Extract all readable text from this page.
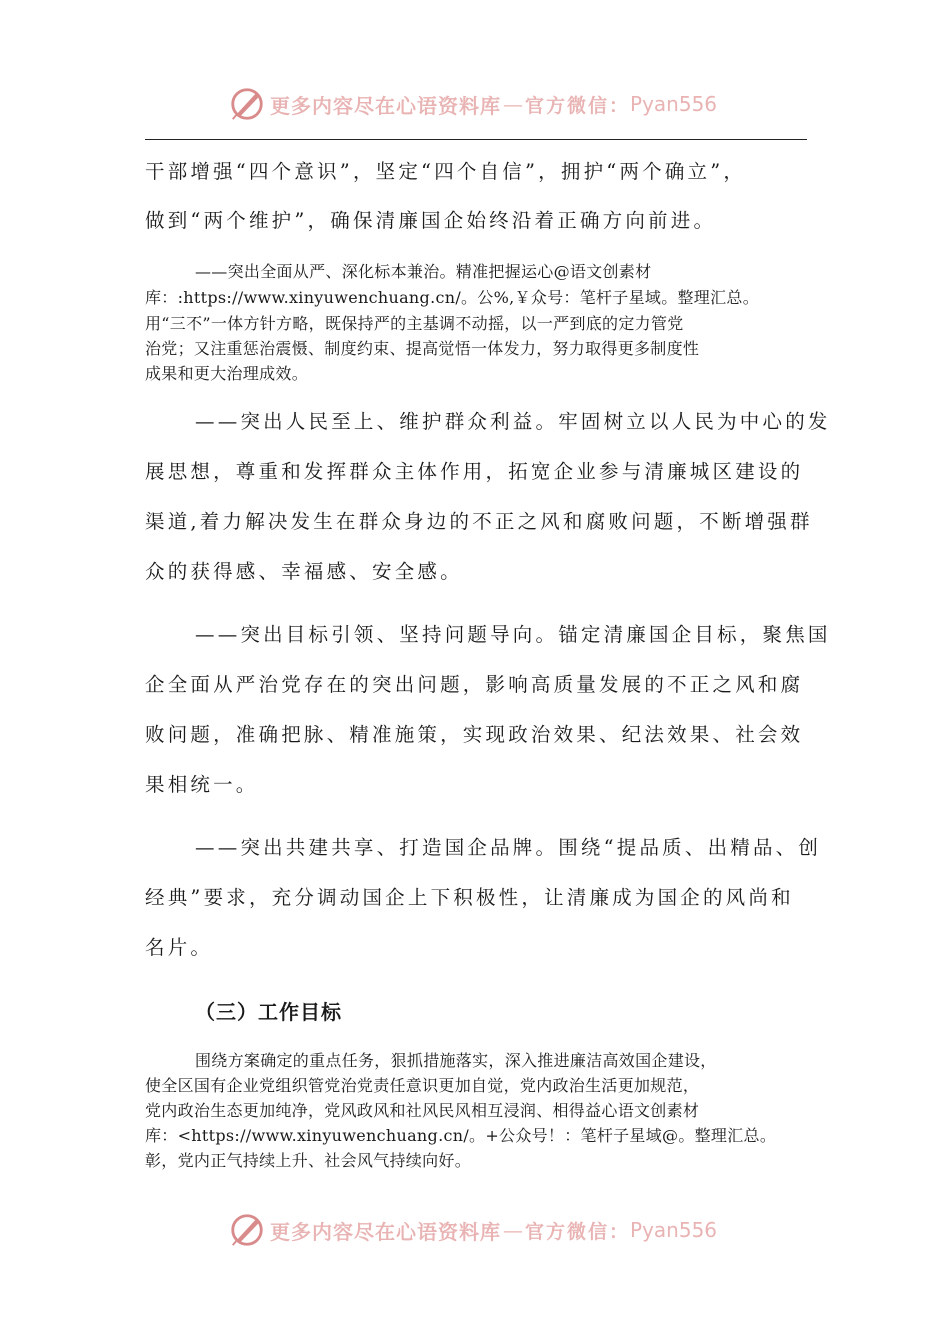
更多内容尽在心语资料库 — 官方微信： Pyan556
干部增强“四个意识”，坚定“四个自信”，拥护“两个确立”，
做到“两个维护”，确保清廉国企始终沿着正确方向前进。
——突出全面从严、深化标本兼治。精准把握运心@语文创素材
库：:https://www.xinyuwenchuang.cn/。公%,￥众号：笔杆子星域。整理汇总。
用“三不”一体方针方略，既保持严的主基调不动摇，以一严到底的定力管党
治党；又注重惩治震慑、制度约束、提高觉悟一体发力，努力取得更多制度性
成果和更大治理成效。
——突出人民至上、维护群众利益。牢固树立以人民为中心的发
展思想，尊重和发挥群众主体作用，拓宽企业参与清廉城区建设的
渠道,着力解决发生在群众身边的不正之风和腐败问题，不断增强群
众的获得感、幸福感、安全感。
——突出目标引领、坚持问题导向。锚定清廉国企目标，聚焦国
企全面从严治党存在的突出问题，影响高质量发展的不正之风和腐
败问题，准确把脉、精准施策，实现政治效果、纪法效果、社会效
果相统一。
——突出共建共享、打造国企品牌。围绕“提品质、出精品、创
经典”要求，充分调动国企上下积极性，让清廉成为国企的风尚和
名片。
（三）工作目标
围绕方案确定的重点任务，狠抓措施落实，深入推进廉洁高效国企建设，
使全区国有企业党组织管党治党责任意识更加自觉，党内政治生活更加规范，
党内政治生态更加纯净，党风政风和社风民风相互浸润、相得益心语文创素材
库：<https://www.xinyuwenchuang.cn/。+公众号！：笔杆子星域@。整理汇总。
彰，党内正气持续上升、社会风气持续向好。
更多内容尽在心语资料库 — 官方微信： Pyan556
